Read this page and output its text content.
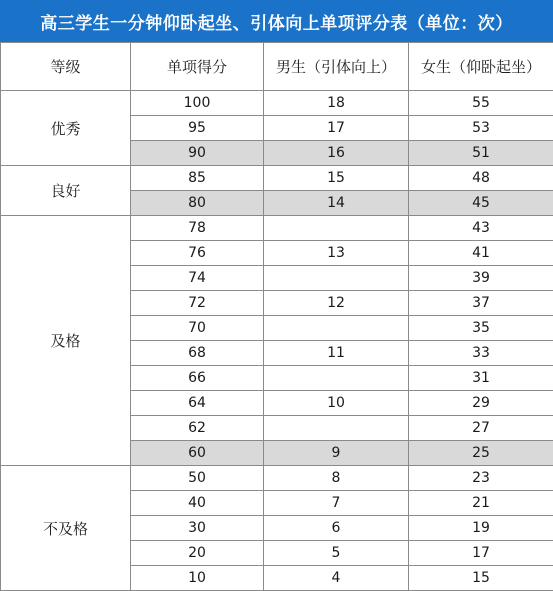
高三学生一分钟仰卧起坐、引体向上单项评分表（单位：次）
等级	单项得分	男生（引体向上）	女生（仰卧起坐）
优秀	100	18	55
	95	17	53
	90	16	51
良好	85	15	48
	80	14	45
及格	78		43
	76	13	41
	74		39
	72	12	37
	70		35
	68	11	33
	66		31
	64	10	29
	62		27
	60	9	25
不及格	50	8	23
	40	7	21
	30	6	19
	20	5	17
	10	4	15
